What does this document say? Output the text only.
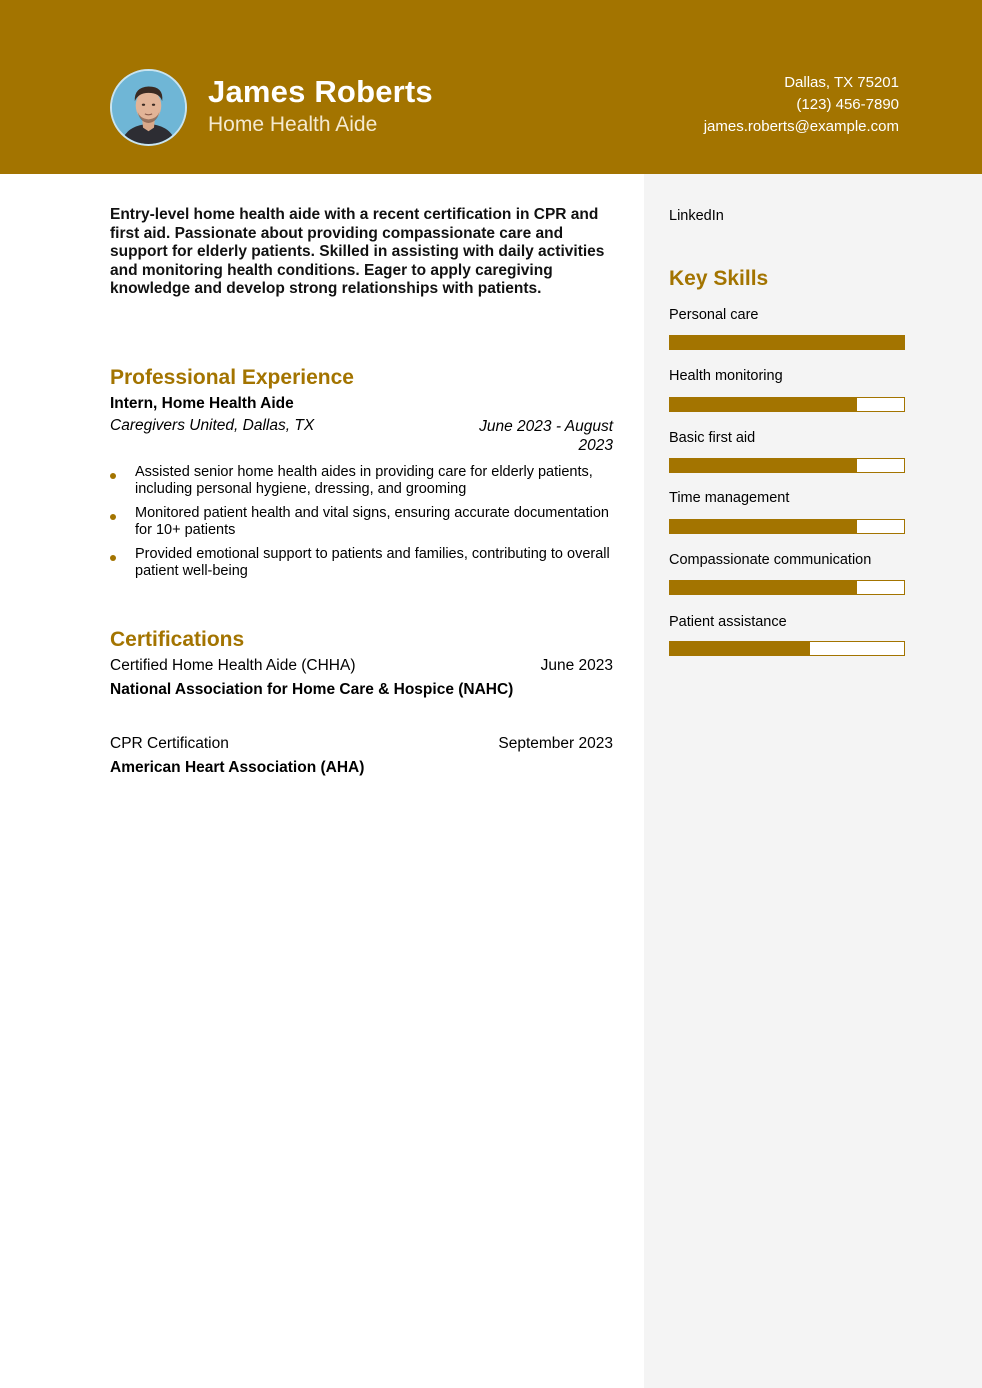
James Roberts
Home Health Aide
Dallas, TX 75201
(123) 456-7890
james.roberts@example.com

Entry-level home health aide with a recent certification in CPR and first aid. Passionate about providing compassionate care and support for elderly patients. Skilled in assisting with daily activities and monitoring health conditions. Eager to apply caregiving knowledge and develop strong relationships with patients.

Professional Experience
Intern, Home Health Aide
Caregivers United, Dallas, TX	June 2023 - August 2023
Assisted senior home health aides in providing care for elderly patients, including personal hygiene, dressing, and grooming
Monitored patient health and vital signs, ensuring accurate documentation for 10+ patients
Provided emotional support to patients and families, contributing to overall patient well-being
Certifications
Certified Home Health Aide (CHHA)	June 2023
National Association for Home Care & Hospice (NAHC)
CPR Certification	September 2023
American Heart Association (AHA)
LinkedIn
Key Skills
Personal care
Health monitoring
Basic first aid
Time management
Compassionate communication
Patient assistance
